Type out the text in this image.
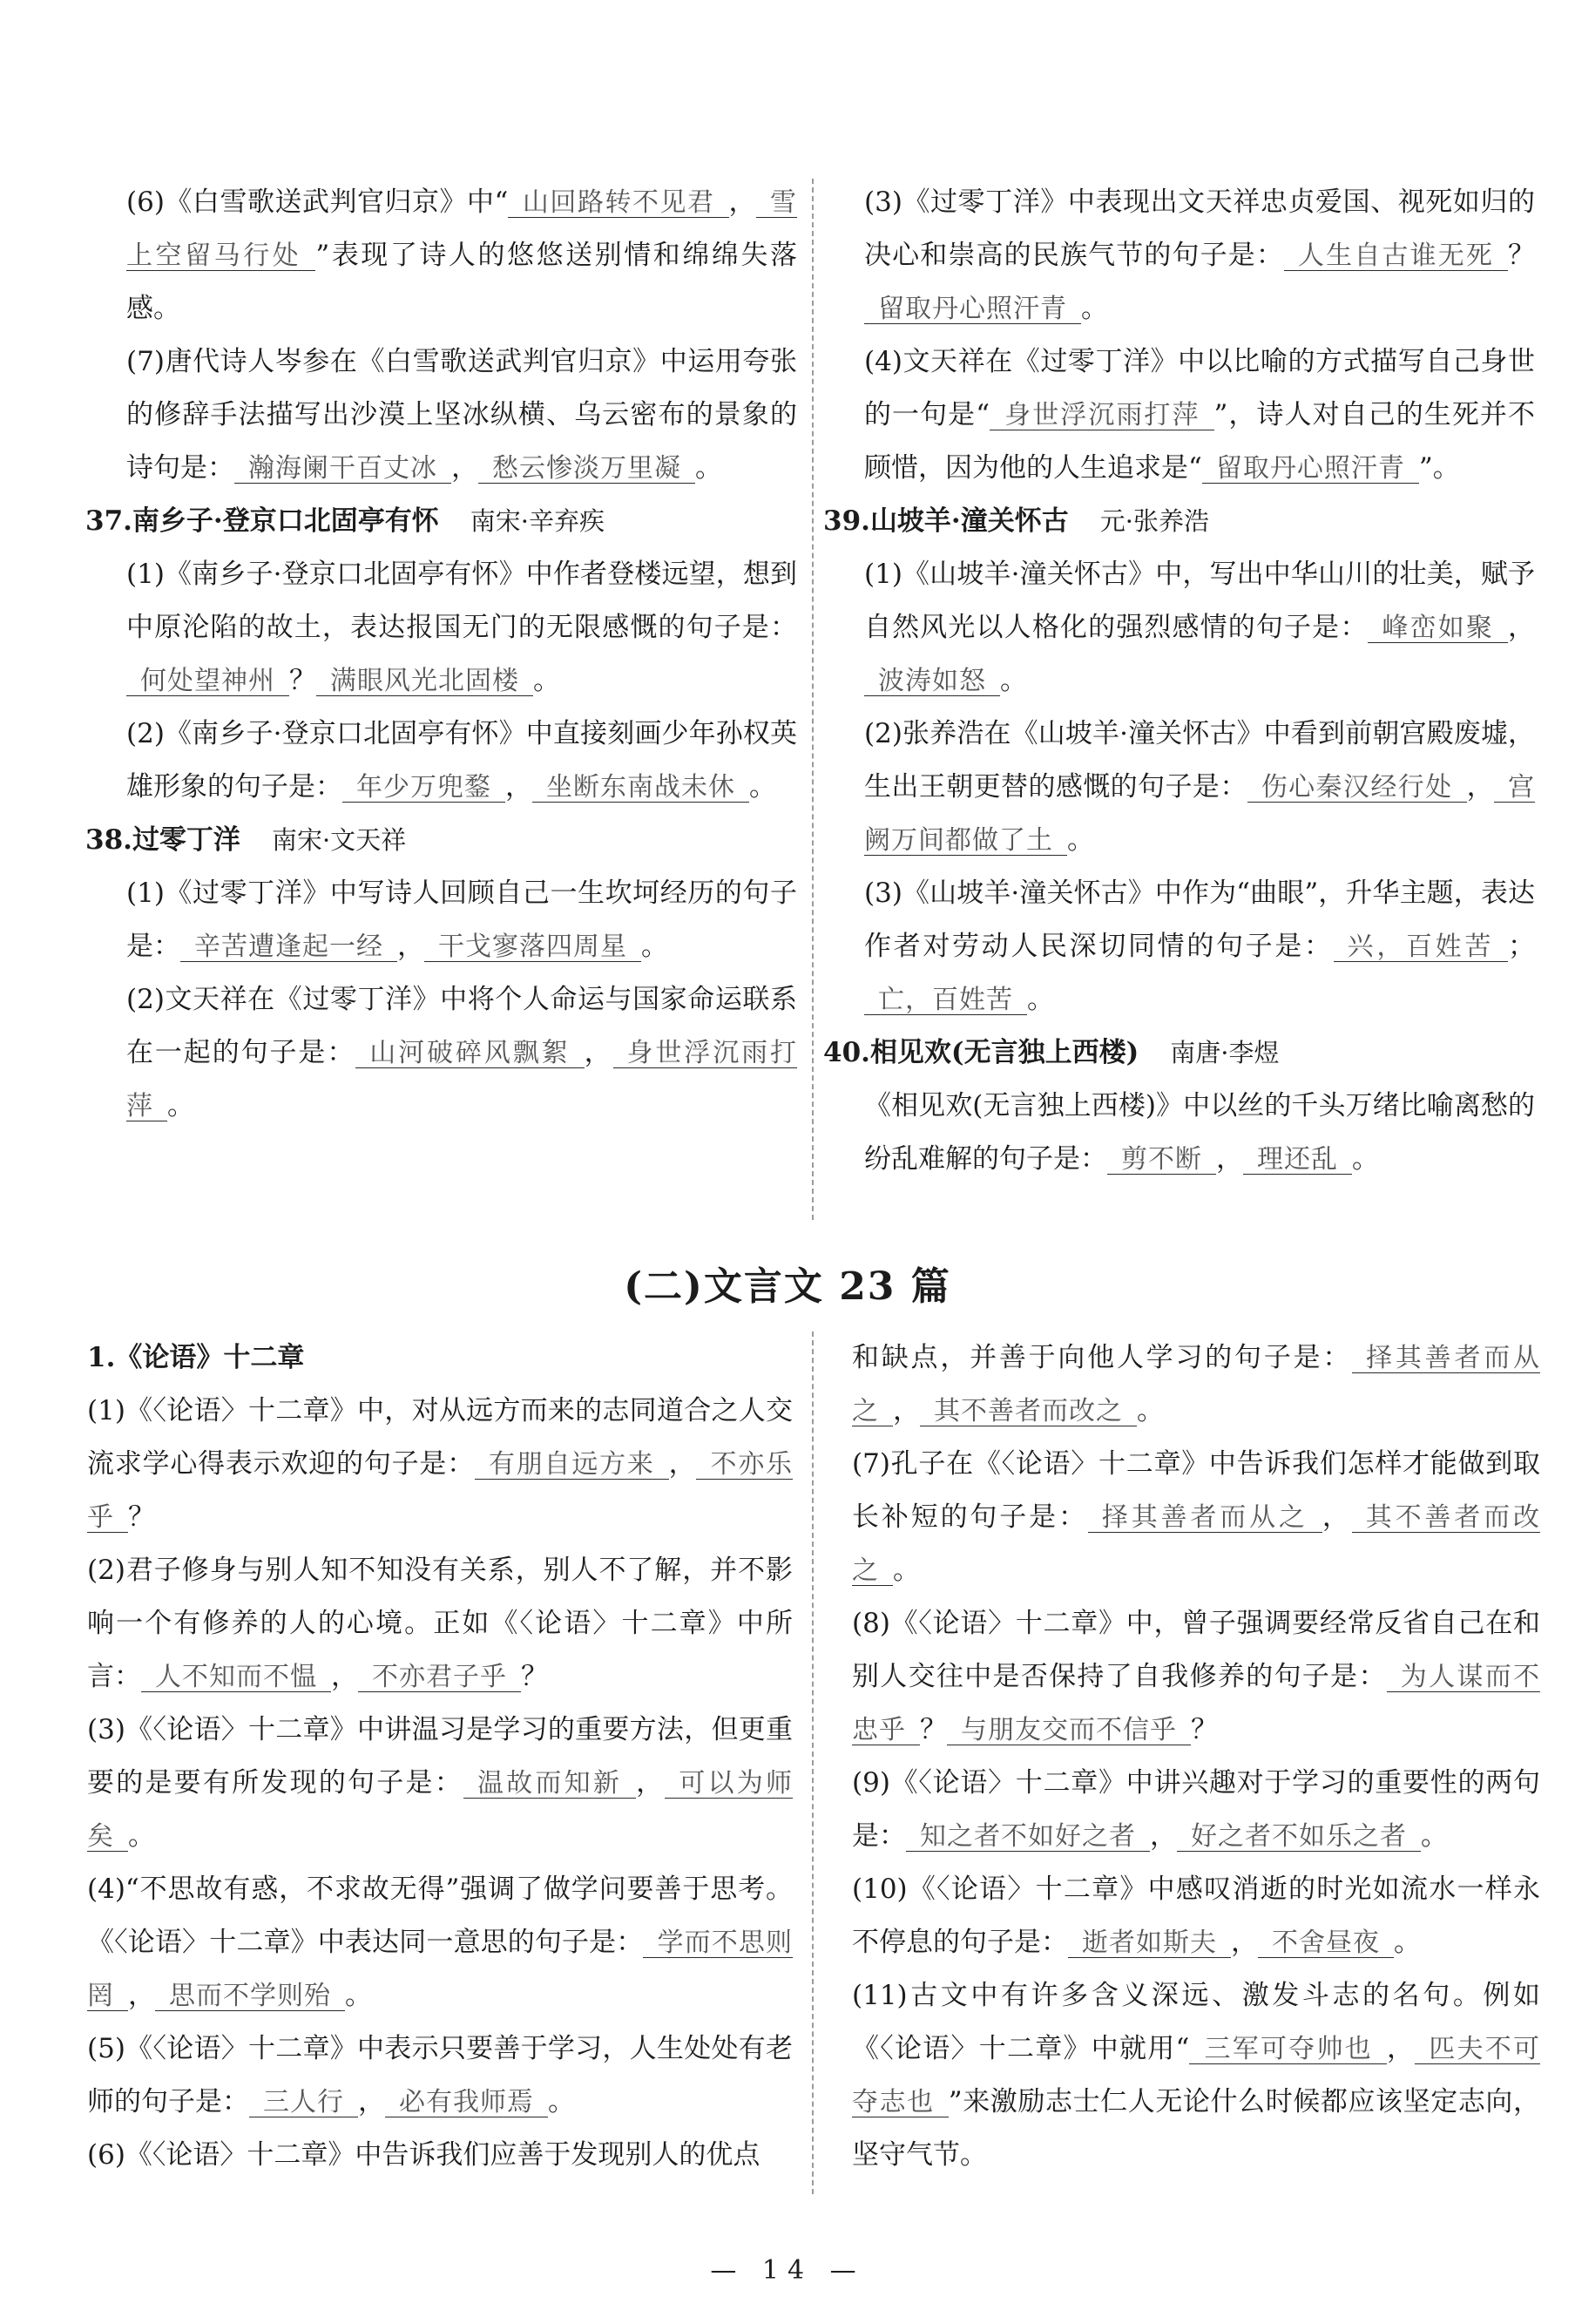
(6)《白雪歌送武判官归京》中“ 山回路转不见君 ， 雪上空留马行处 ”表现了诗人的悠悠送别情和绵绵失落感。

(7)唐代诗人岑参在《白雪歌送武判官归京》中运用夸张的修辞手法描写出沙漠上坚冰纵横、乌云密布的景象的诗句是： 瀚海阑干百丈冰 ， 愁云惨淡万里凝 。

37.南乡子·登京口北固亭有怀 南宋·辛弃疾

(1)《南乡子·登京口北固亭有怀》中作者登楼远望，想到中原沦陷的故土，表达报国无门的无限感慨的句子是：何处望神州 ？ 满眼风光北固楼 。

(2)《南乡子·登京口北固亭有怀》中直接刻画少年孙权英雄形象的句子是： 年少万兜鍪 ， 坐断东南战未休 。

38.过零丁洋 南宋·文天祥

(1)《过零丁洋》中写诗人回顾自己一生坎坷经历的句子是： 辛苦遭逢起一经 ， 干戈寥落四周星 。

(2)文天祥在《过零丁洋》中将个人命运与国家命运联系在一起的句子是： 山河破碎风飘絮 ， 身世浮沉雨打萍 。

(3)《过零丁洋》中表现出文天祥忠贞爱国、视死如归的决心和崇高的民族气节的句子是： 人生自古谁无死 ？留取丹心照汗青 。

(4)文天祥在《过零丁洋》中以比喻的方式描写自己身世的一句是“ 身世浮沉雨打萍 ”，诗人对自己的生死并不顾惜，因为他的人生追求是“ 留取丹心照汗青 ”。

39.山坡羊·潼关怀古 元·张养浩

(1)《山坡羊·潼关怀古》中，写出中华山川的壮美，赋予自然风光以人格化的强烈感情的句子是： 峰峦如聚 ，波涛如怒 。

(2)张养浩在《山坡羊·潼关怀古》中看到前朝宫殿废墟，生出王朝更替的感慨的句子是： 伤心秦汉经行处 ， 宫阙万间都做了土 。

(3)《山坡羊·潼关怀古》中作为“曲眼”，升华主题，表达作者对劳动人民深切同情的句子是： 兴，百姓苦 ；亡，百姓苦 。

40.相见欢(无言独上西楼) 南唐·李煜

《相见欢(无言独上西楼)》中以丝的千头万绪比喻离愁的纷乱难解的句子是： 剪不断 ， 理还乱 。

(二)文言文 23 篇
1.《论语》十二章

(1)《〈论语〉十二章》中，对从远方而来的志同道合之人交流求学心得表示欢迎的句子是： 有朋自远方来 ， 不亦乐乎 ？

(2)君子修身与别人知不知没有关系，别人不了解，并不影响一个有修养的人的心境。正如《〈论语〉十二章》中所言： 人不知而不愠 ， 不亦君子乎 ？

(3)《〈论语〉十二章》中讲温习是学习的重要方法，但更重要的是要有所发现的句子是： 温故而知新 ， 可以为师矣 。

(4)“不思故有惑，不求故无得”强调了做学问要善于思考。《〈论语〉十二章》中表达同一意思的句子是： 学而不思则罔 ， 思而不学则殆 。

(5)《〈论语〉十二章》中表示只要善于学习，人生处处有老师的句子是： 三人行 ， 必有我师焉 。

(6)《〈论语〉十二章》中告诉我们应善于发现别人的优点

和缺点，并善于向他人学习的句子是： 择其善者而从之 ， 其不善者而改之 。

(7)孔子在《〈论语〉十二章》中告诉我们怎样才能做到取长补短的句子是： 择其善者而从之 ， 其不善者而改之 。

(8)《〈论语〉十二章》中，曾子强调要经常反省自己在和别人交往中是否保持了自我修养的句子是： 为人谋而不忠乎 ？ 与朋友交而不信乎 ？

(9)《〈论语〉十二章》中讲兴趣对于学习的重要性的两句是： 知之者不如好之者 ， 好之者不如乐之者 。

(10)《〈论语〉十二章》中感叹消逝的时光如流水一样永不停息的句子是： 逝者如斯夫 ， 不舍昼夜 。

(11)古文中有许多含义深远、激发斗志的名句。例如《〈论语〉十二章》中就用“ 三军可夺帅也 ， 匹夫不可夺志也 ”来激励志士仁人无论什么时候都应该坚定志向，坚守气节。

— 14 —
